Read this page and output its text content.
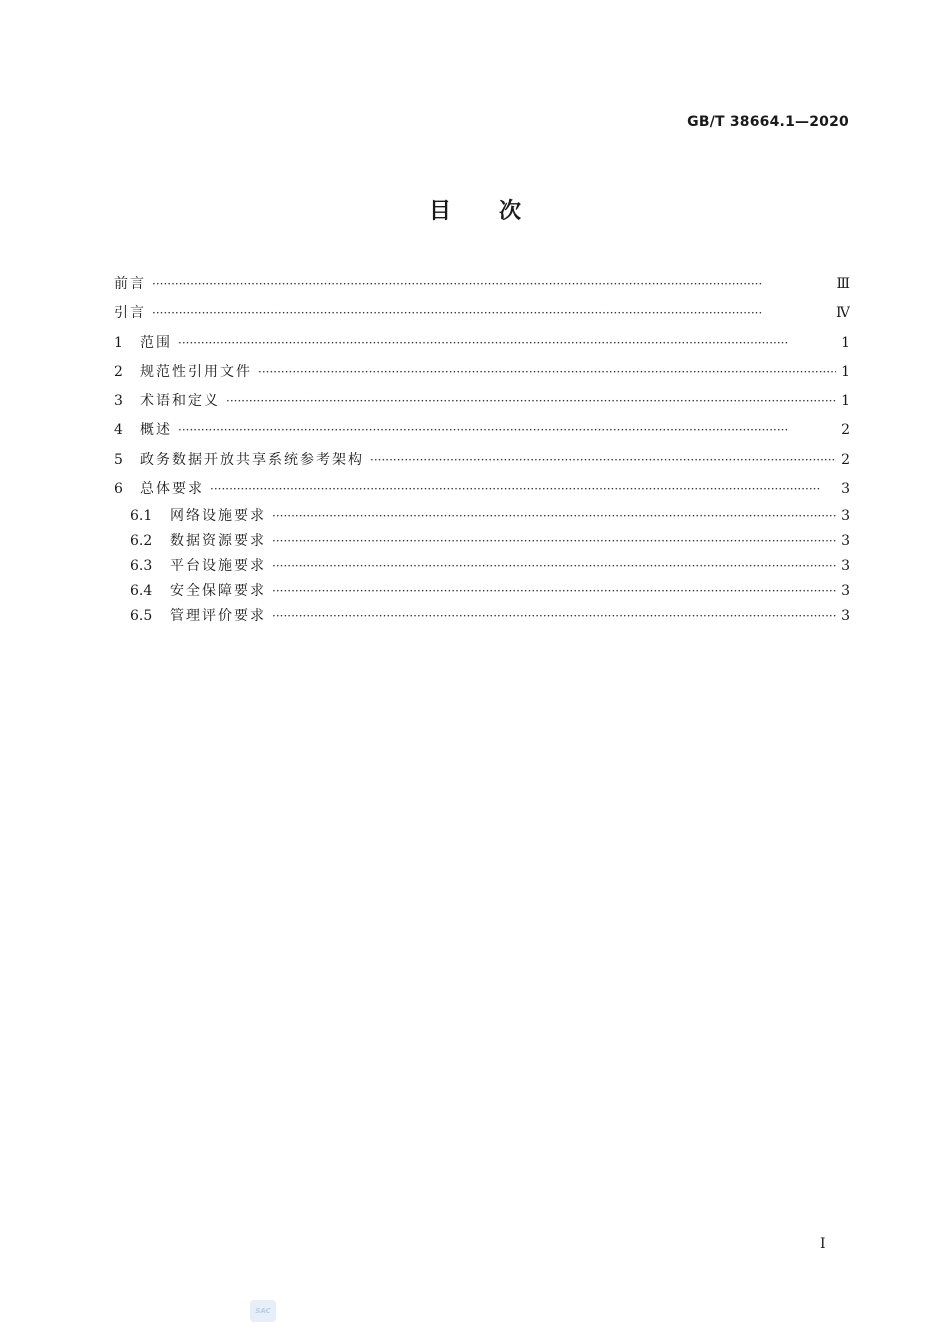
GB/T 38664.1—2020
目次
前言 ·····	Ⅲ
引言 ·····	Ⅳ
1	范围 ·····	1
2	规范性引用文件 ·····	1
3	术语和定义 ·····	1
4	概述 ·····	2
5	政务数据开放共享系统参考架构 ·····	2
6	总体要求 ·····	3
6.1	网络设施要求 ·····	3
6.2	数据资源要求 ·····	3
6.3	平台设施要求 ·····	3
6.4	安全保障要求 ·····	3
6.5	管理评价要求 ·····	3
I
SAC
